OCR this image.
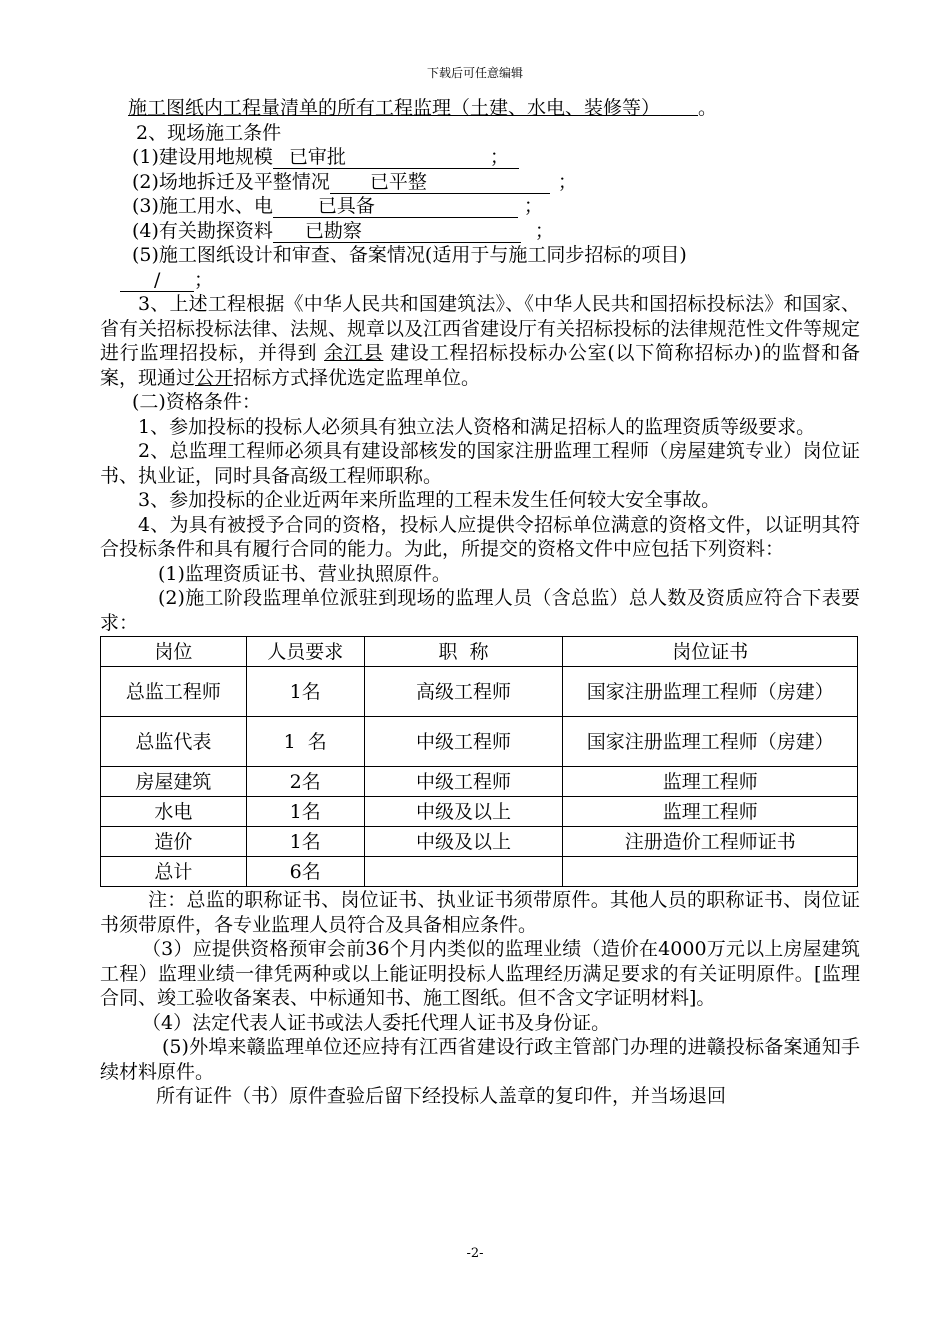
下载后可任意编辑

施工图纸内工程量清单的所有工程监理（土建、水电、装修等）   。

2、现场施工条件

(1)建设用地规模 已审批	；

(2)场地拆迁及平整情况 已平整	；

(3)施工用水、电 已具备	；

(4)有关勘探资料 已勘察	；

(5)施工图纸设计和审查、备案情况(适用于与施工同步招标的项目)

/ ；

3、上述工程根据《中华人民共和国建筑法》、《中华人民共和国招标投标法》和国家、省有关招标投标法律、法规、规章以及江西省建设厅有关招标投标的法律规范性文件等规定进行监理招投标，并得到 余江县 建设工程招标投标办公室(以下简称招标办)的监督和备案，现通过公开招标方式择优选定监理单位。

(二)资格条件：

1、参加投标的投标人必须具有独立法人资格和满足招标人的监理资质等级要求。

2、总监理工程师必须具有建设部核发的国家注册监理工程师（房屋建筑专业）岗位证书、执业证，同时具备高级工程师职称。

3、参加投标的企业近两年来所监理的工程未发生任何较大安全事故。

4、为具有被授予合同的资格，投标人应提供令招标单位满意的资格文件，以证明其符合投标条件和具有履行合同的能力。为此，所提交的资格文件中应包括下列资料：

(1)监理资质证书、营业执照原件。

(2)施工阶段监理单位派驻到现场的监理人员（含总监）总人数及资质应符合下表要求：

岗位	人员要求	职  称	岗位证书
总监工程师	1名	高级工程师	国家注册监理工程师（房建）
总监代表	1  名	中级工程师	国家注册监理工程师（房建）
房屋建筑	2名	中级工程师	监理工程师
水电	1名	中级及以上	监理工程师
造价	1名	中级及以上	注册造价工程师证书
总计	6名		

注：总监的职称证书、岗位证书、执业证书须带原件。其他人员的职称证书、岗位证书须带原件，各专业监理人员符合及具备相应条件。

（3）应提供资格预审会前36个月内类似的监理业绩（造价在4000万元以上房屋建筑工程）监理业绩一律凭两种或以上能证明投标人监理经历满足要求的有关证明原件。[监理合同、竣工验收备案表、中标通知书、施工图纸。但不含文字证明材料]。

（4）法定代表人证书或法人委托代理人证书及身份证。

(5)外埠来赣监理单位还应持有江西省建设行政主管部门办理的进赣投标备案通知手续材料原件。

所有证件（书）原件查验后留下经投标人盖章的复印件，并当场退回

-2-
